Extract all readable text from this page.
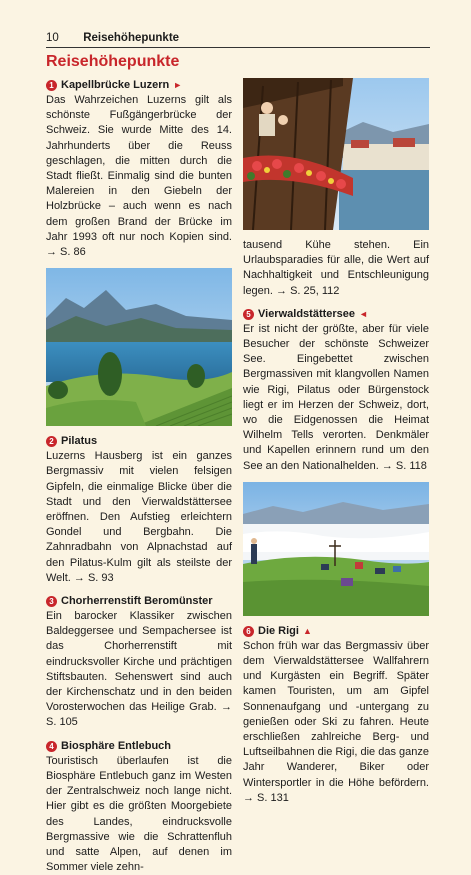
10 Reisehöhepunkte
Reisehöhepunkte
1 Kapellbrücke Luzern ►

Das Wahrzeichen Luzerns gilt als schönste Fußgängerbrücke der Schweiz. Sie wurde Mitte des 14. Jahrhunderts über die Reuss geschlagen, die mitten durch die Stadt fließt. Einmalig sind die bunten Malereien in den Giebeln der Holzbrücke – auch wenn es nach dem großen Brand der Brücke im Jahr 1993 oft nur noch Kopien sind. → S. 86

2 Pilatus

Luzerns Hausberg ist ein ganzes Bergmassiv mit vielen felsigen Gipfeln, die einmalige Blicke über die Stadt und den Vierwaldstättersee eröffnen. Den Aufstieg erleichtern Gondel und Bergbahn. Die Zahnradbahn von Alpnachstad auf den Pilatus-Kulm gilt als steilste der Welt. → S. 93

3 Chorherrenstift Beromünster

Ein barocker Klassiker zwischen Baldeggersee und Sempachersee ist das Chorherrenstift mit eindrucksvoller Kirche und prächtigen Stiftsbauten. Sehenswert sind auch der Kirchenschatz und in den beiden Vorosterwochen das Heilige Grab. → S. 105

4 Biosphäre Entlebuch

Touristisch überlaufen ist die Biosphäre Entlebuch ganz im Westen der Zentralschweiz noch lange nicht. Hier gibt es die größten Moorgebiete des Landes, eindrucksvolle Bergmassive wie die Schrattenfluh und satte Alpen, auf denen im Sommer viele zehn-

tausend Kühe stehen. Ein Urlaubsparadies für alle, die Wert auf Nachhaltigkeit und Entschleunigung legen. → S. 25, 112

5 Vierwaldstättersee ◄

Er ist nicht der größte, aber für viele Besucher der schönste Schweizer See. Eingebettet zwischen Bergmassiven mit klangvollen Namen wie Rigi, Pilatus oder Bürgenstock liegt er im Herzen der Schweiz, dort, wo die Eidgenossen die Heimat Wilhelm Tells verorten. Denkmäler und Kapellen erinnern rund um den See an den Nationalhelden. → S. 118

6 Die Rigi ▲

Schon früh war das Bergmassiv über dem Vierwaldstättersee Wallfahrern und Kurgästen ein Begriff. Später kamen Touristen, um am Gipfel Sonnenaufgang und -untergang zu genießen oder Ski zu fahren. Heute erschließen zahlreiche Berg- und Luftseilbahnen die Rigi, die das ganze Jahr Wanderer, Biker oder Wintersportler in die Höhe befördern. → S. 131
